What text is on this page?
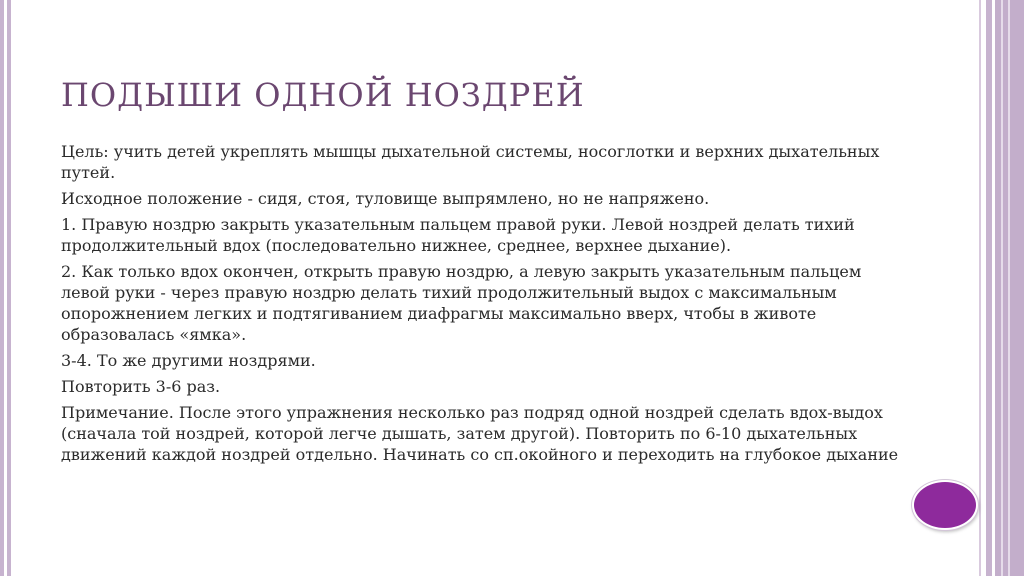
ПОДЫШИ ОДНОЙ НОЗДРЕЙ

Цель: учить детей укреплять мышцы дыхательной системы, носоглотки и верхних дыхательных путей.

Исходное положение - сидя, стоя, туловище выпрямлено, но не напряжено.

1. Правую ноздрю закрыть указательным пальцем правой руки. Левой ноздрей делать тихий продолжительный вдох (последовательно нижнее, среднее, верхнее дыхание).

2. Как только вдох окончен, открыть правую ноздрю, а левую закрыть указательным пальцем левой руки - через правую ноздрю делать тихий продолжительный выдох с максимальным опорожнением легких и подтягиванием диафрагмы максимально вверх, чтобы в животе образовалась «ямка».

3-4. То же другими ноздрями.

Повторить 3-6 раз.

Примечание. После этого упражнения несколько раз подряд одной ноздрей сделать вдох-выдох (сначала той ноздрей, которой легче дышать, затем другой). Повторить по 6-10 дыхательных движений каждой ноздрей отдельно. Начинать со сп.окойного и переходить на глубокое дыхание
